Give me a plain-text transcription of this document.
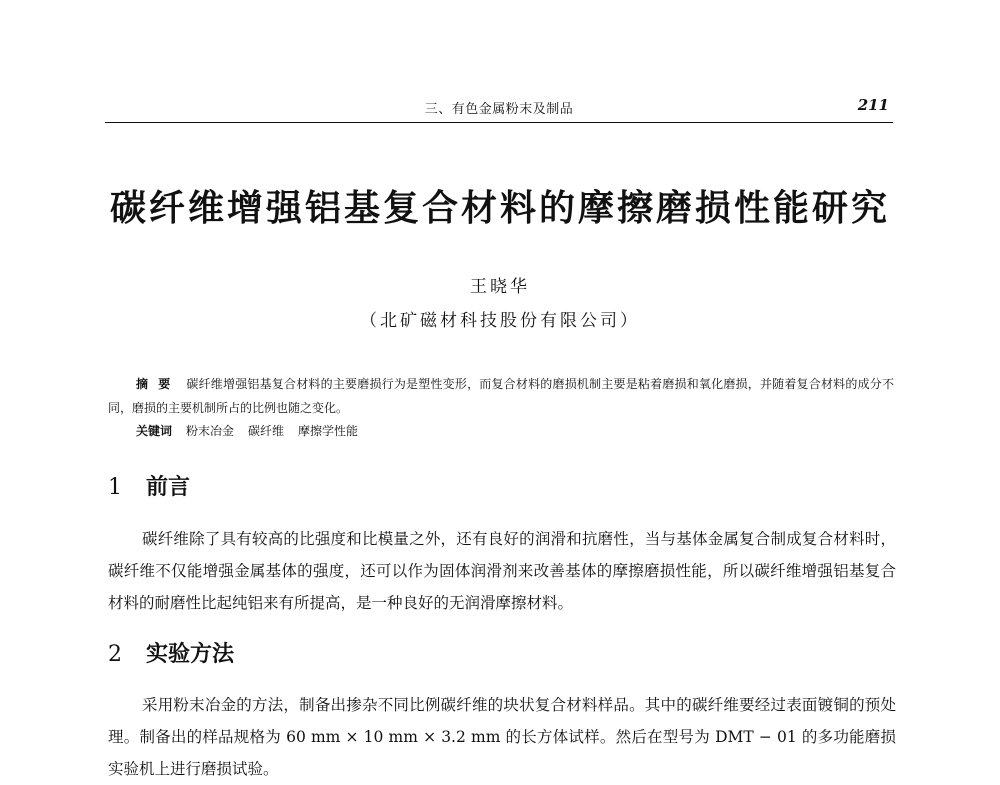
三、有色金属粉末及制品	211
碳纤维增强铝基复合材料的摩擦磨损性能研究
王晓华
（北矿磁材科技股份有限公司）
摘要 碳纤维增强铝基复合材料的主要磨损行为是塑性变形，而复合材料的磨损机制主要是粘着磨损和氧化磨损，并随着复合材料的成分不同，磨损的主要机制所占的比例也随之变化。
关键词 粉末冶金 碳纤维 摩擦学性能
1 前言
碳纤维除了具有较高的比强度和比模量之外，还有良好的润滑和抗磨性，当与基体金属复合制成复合材料时，碳纤维不仅能增强金属基体的强度，还可以作为固体润滑剂来改善基体的摩擦磨损性能，所以碳纤维增强铝基复合材料的耐磨性比起纯铝来有所提高，是一种良好的无润滑摩擦材料。
2 实验方法
采用粉末冶金的方法，制备出掺杂不同比例碳纤维的块状复合材料样品。其中的碳纤维要经过表面镀铜的预处理。制备出的样品规格为 60 mm × 10 mm × 3.2 mm 的长方体试样。然后在型号为 DMT − 01 的多功能磨损实验机上进行磨损试验。
